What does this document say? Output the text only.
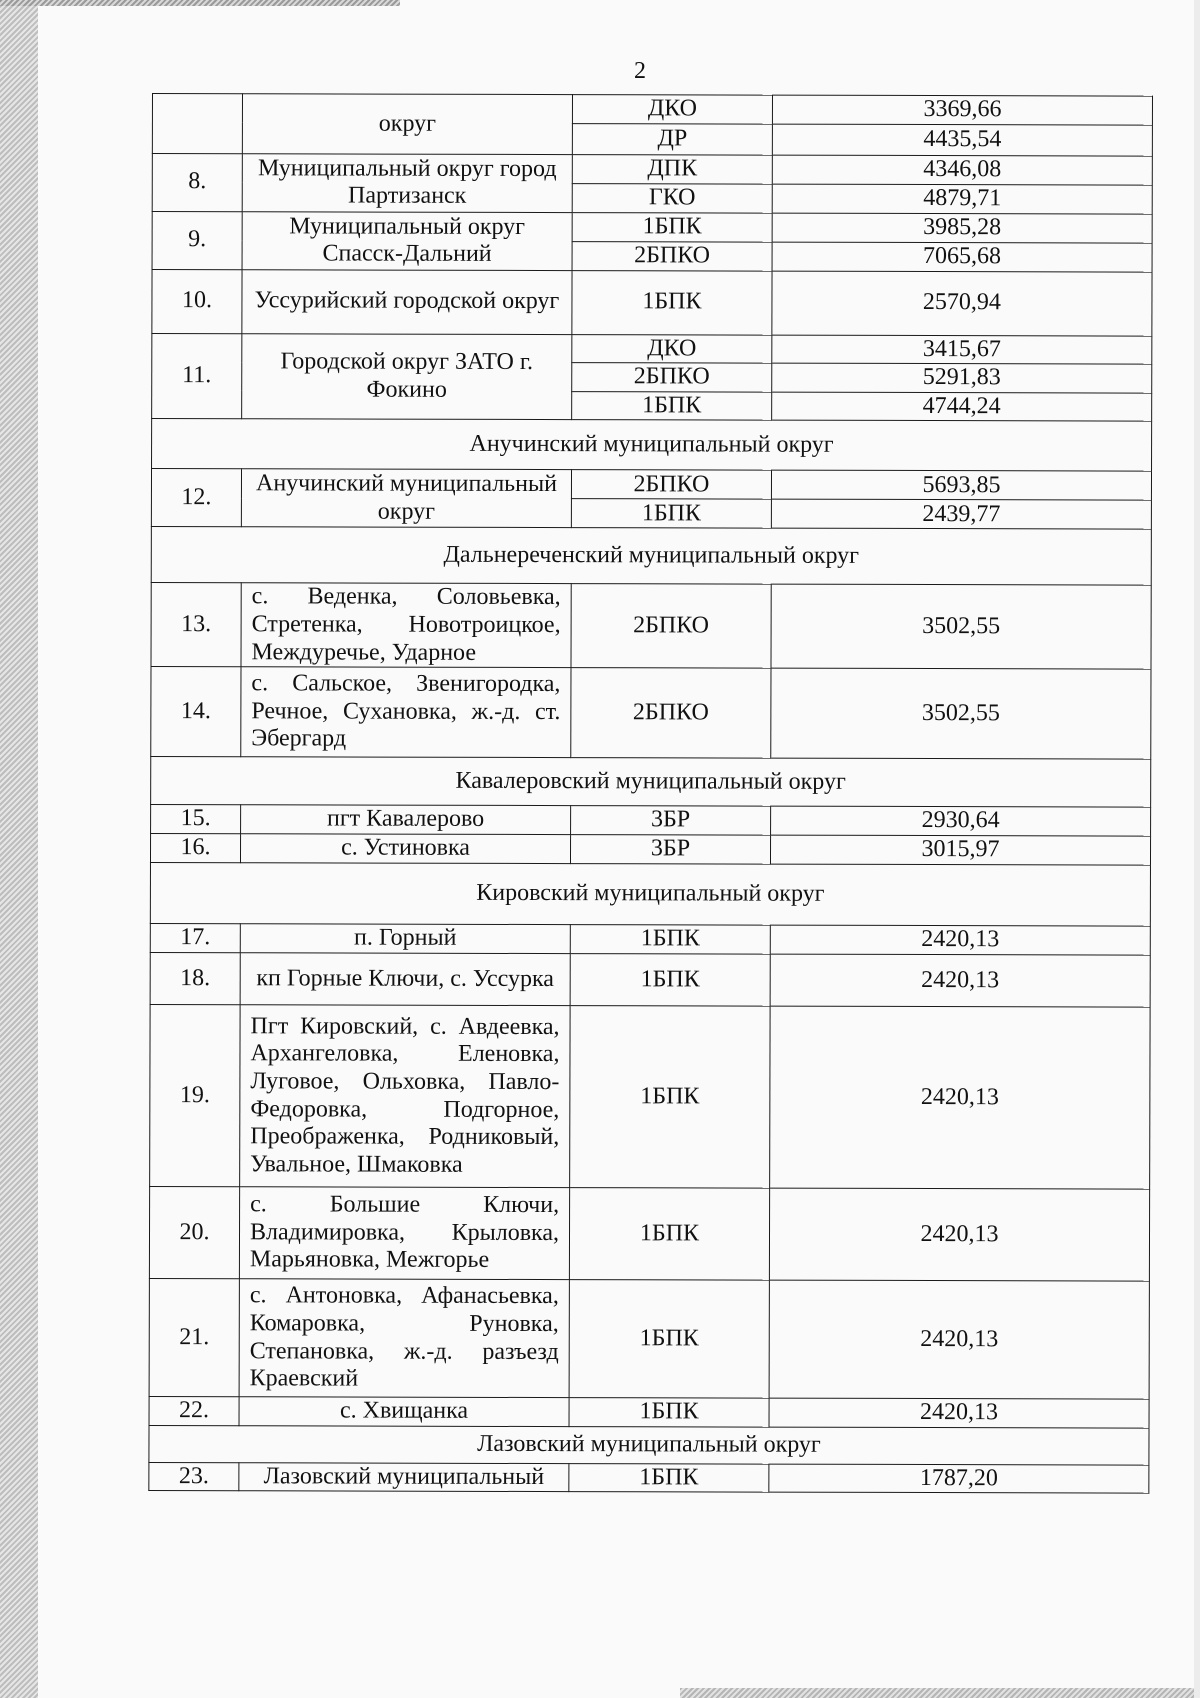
2
	округ	ДКО	3369,66
		ДР	4435,54
8.	Муниципальный округ город Партизанск	ДПК	4346,08
		ГКО	4879,71
9.	Муниципальный округ Спасск-Дальний	1БПК	3985,28
		2БПКО	7065,68
10.	Уссурийский городской округ	1БПК	2570,94
11.	Городской округ ЗАТО г. Фокино	ДКО	3415,67
		2БПКО	5291,83
		1БПК	4744,24
Анучинский муниципальный округ			
12.	Анучинский муниципальный округ	2БПКО	5693,85
		1БПК	2439,77
Дальнереченский муниципальный округ			
13.	с. Веденка, Соловьевка, Стретенка, Новотроицкое, Междуречье, Ударное	2БПКО	3502,55
14.	с. Сальское, Звенигородка, Речное, Сухановка, ж.-д. ст. Эбергард	2БПКО	3502,55
Кавалеровский муниципальный округ			
15.	пгт Кавалерово	3БР	2930,64
16.	с. Устиновка	3БР	3015,97
Кировский муниципальный округ			
17.	п. Горный	1БПК	2420,13
18.	кп Горные Ключи, с. Уссурка	1БПК	2420,13
19.	Пгт Кировский, с. Авдеевка, Архангеловка, Еленовка, Луговое, Ольховка, Павло-Федоровка, Подгорное, Преображенка, Родниковый, Увальное, Шмаковка	1БПК	2420,13
20.	с. Большие Ключи, Владимировка, Крыловка, Марьяновка, Межгорье	1БПК	2420,13
21.	с. Антоновка, Афанасьевка, Комаровка, Руновка, Степановка, ж.-д. разъезд Краевский	1БПК	2420,13
22.	с. Хвищанка	1БПК	2420,13
Лазовский муниципальный округ			
23.	Лазовский муниципальный	1БПК	1787,20
